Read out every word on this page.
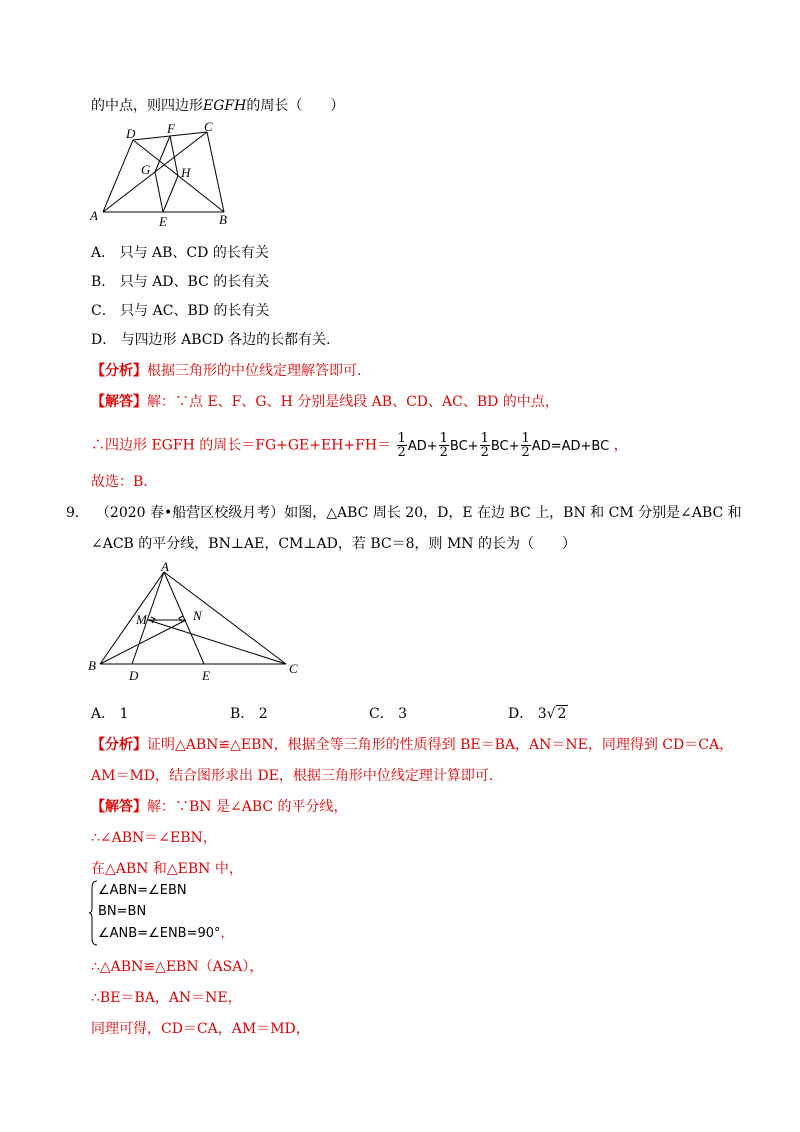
的中点，则四边形EGFH的周长（　　）
D F C
G H
A	E	B
A． 只与 AB、CD 的长有关
B． 只与 AD、BC 的长有关
C． 只与 AC、BD 的长有关
D． 与四边形 ABCD 各边的长都有关．
【分析】根据三角形的中位线定理解答即可．
【解答】解：∵点 E、F、G、H 分别是线段 AB、CD、AC、BD 的中点，
∴四边形 EGFH 的周长$=FG+GE+EH+FH= \frac{1}{2} AD+ \frac{1}{2} BC+ \frac{1}{2} BC+ \frac{1}{2} AD=AD+BC$ ，
故选：B．
9． （2020 春•船营区校级月考）如图，△ABC 周长 20，D，E 在边 BC 上，BN 和 CM 分别是∠ABC 和
∠ACB 的平分线，BN⊥AE，CM⊥AD，若 BC＝8，则 MN 的长为（　　）
A
M	N
B
D	E	C
A． 1	B． 2	C． 3	D． 3√ 2
【分析】证明△ABN≌△EBN，根据全等三角形的性质得到 BE＝BA，AN＝NE，同理得到 CD＝CA，
AM＝MD，结合图形求出 DE，根据三角形中位线定理计算即可．
【解答】解：∵BN 是∠ABC 的平分线，
∴∠ABN＝∠EBN，
在△ABN 和△EBN 中，
∠ABN=∠EBN
BN=BN
∠ANB=∠ENB=90°，
∴△ABN≌△EBN（ASA），
∴BE＝BA，AN＝NE，
同理可得，CD＝CA，AM＝MD，
